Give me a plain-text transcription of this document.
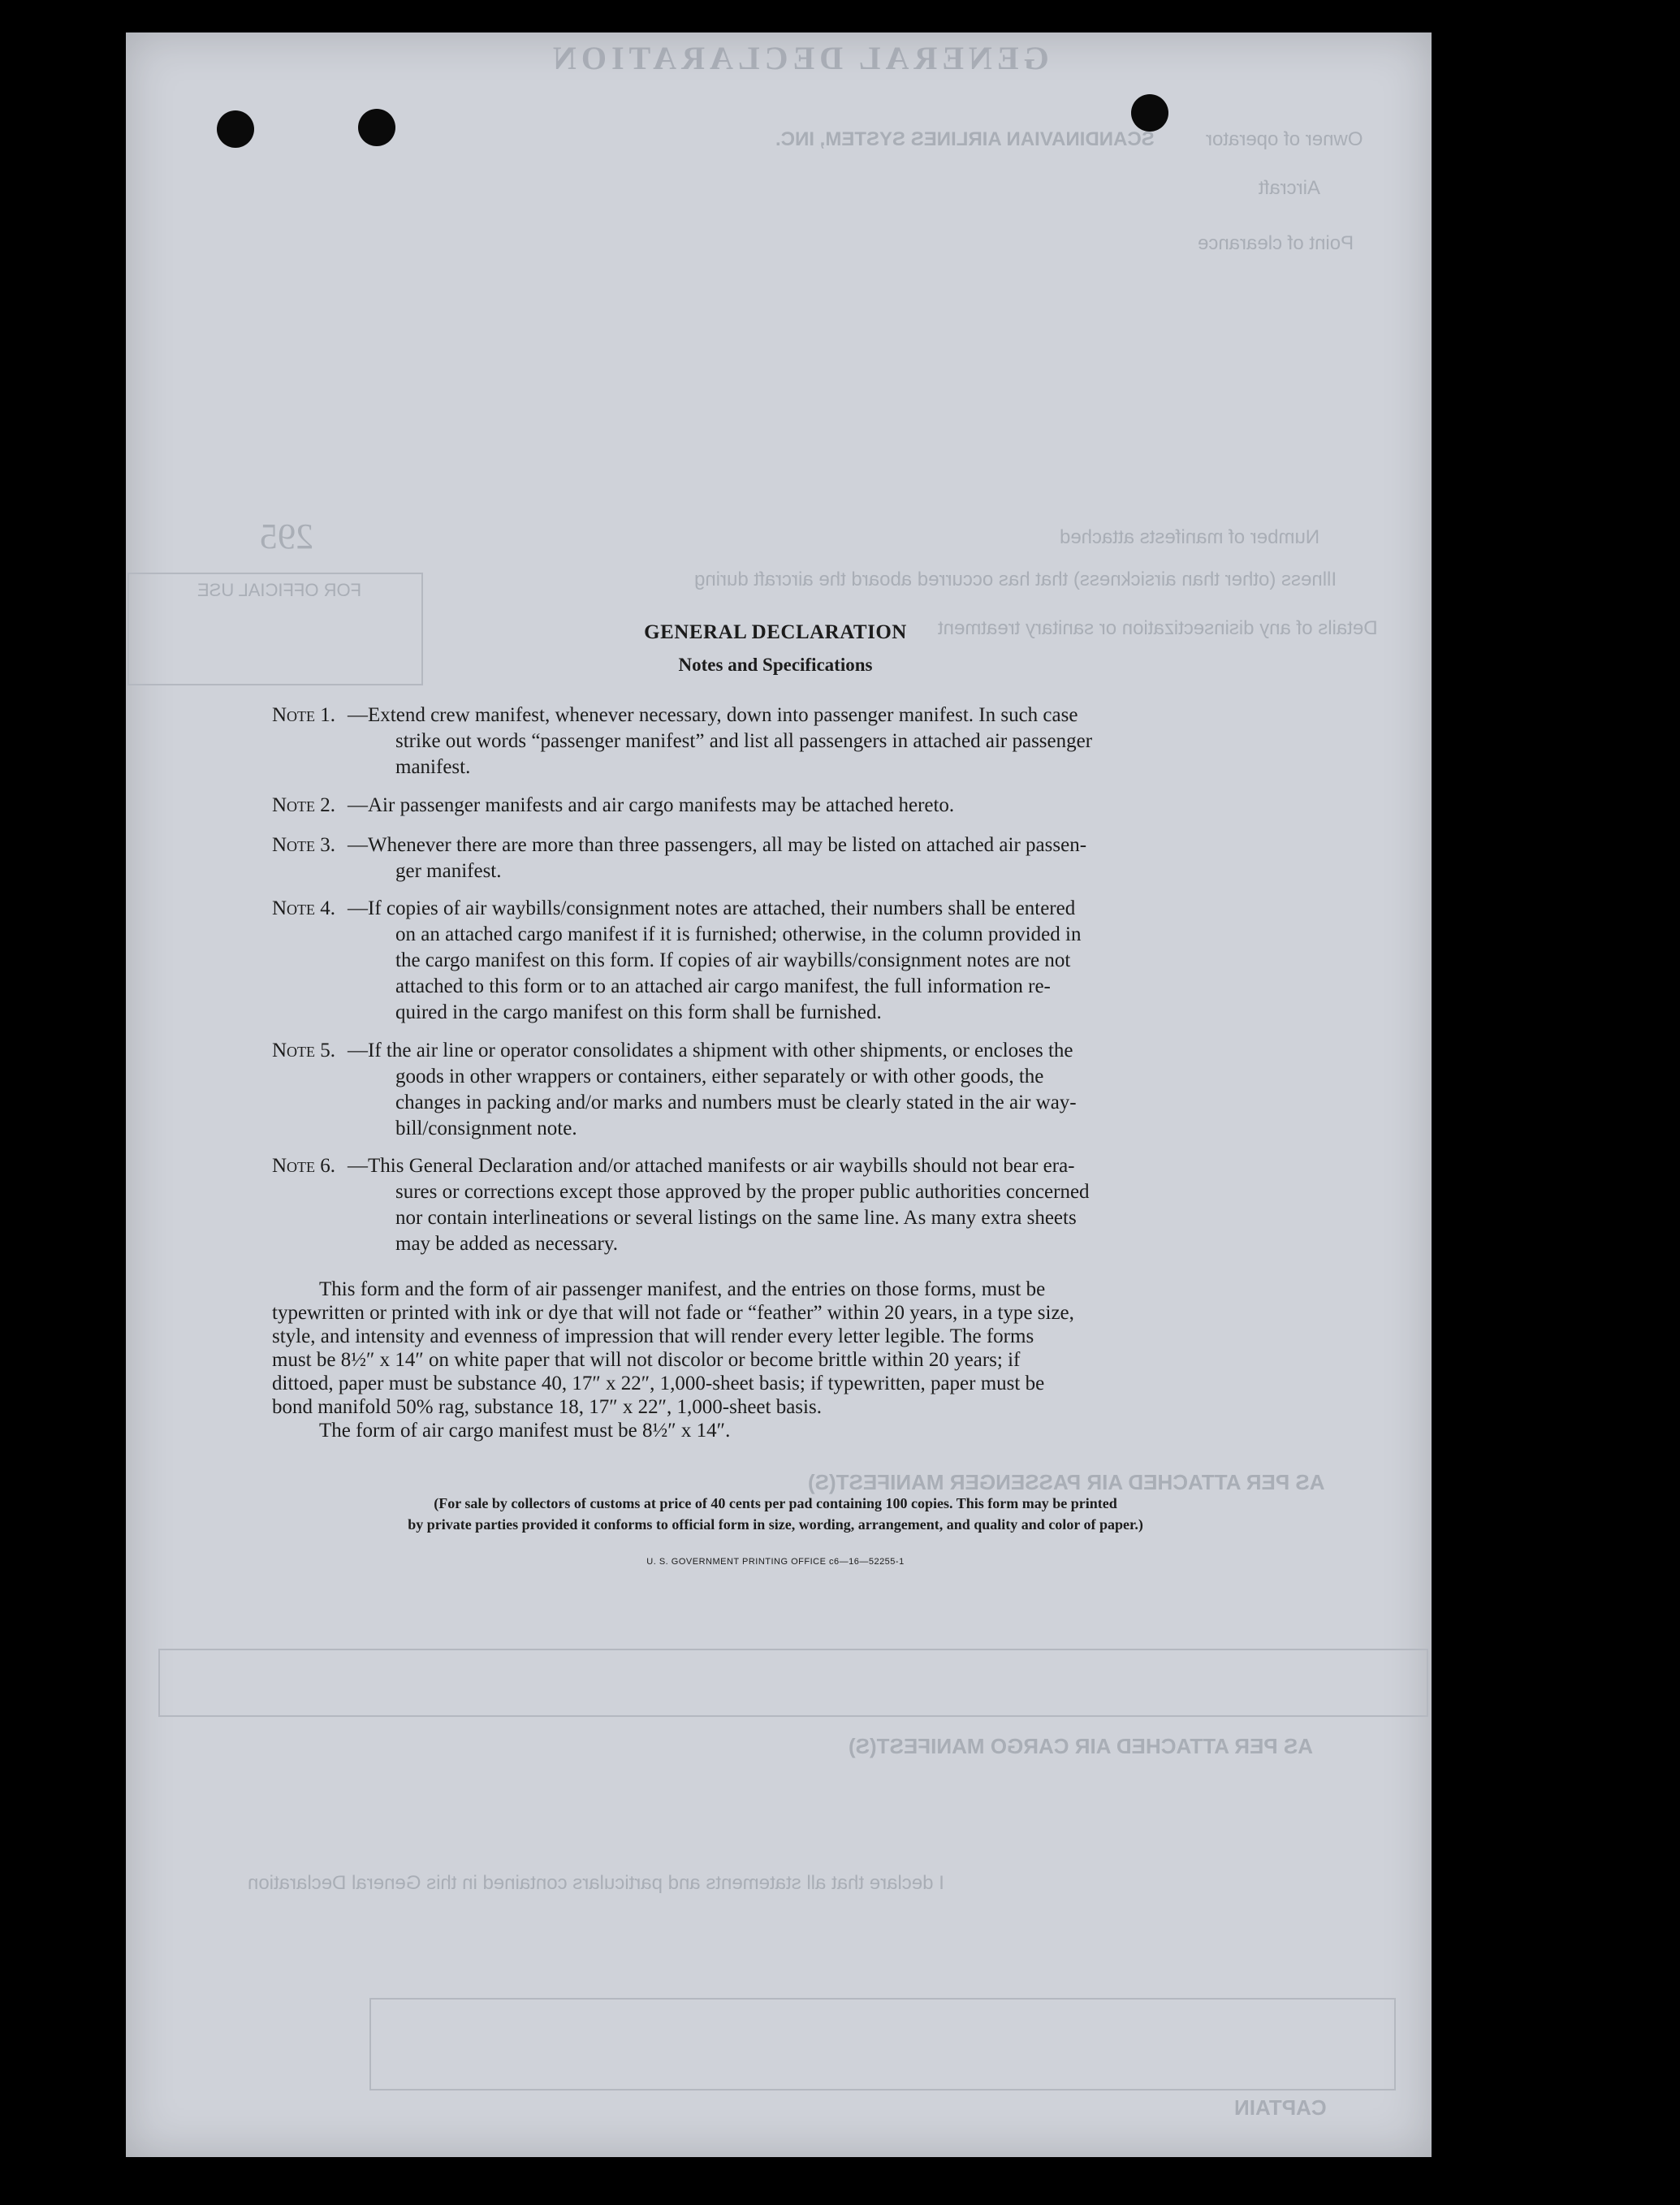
GENERAL DECLARATION
SCANDINAVIAN AIRLINES SYSTEM, INC.	Owner of operator
Aircraft
Point of clearance
295	Number of manifests attached
Illness (other than airsickness) that has occurred aboard the aircraft during
Details of any disinsectization or sanitary treatment
FOR OFFICIAL USE
AS PER ATTACHED AIR PASSENGER MANIFEST(S)
AS PER ATTACHED AIR CARGO MANIFEST(S)
I declare that all statements and particulars contained in this General Declaration
CAPTAIN
GENERAL DECLARATION
Notes and Specifications
Note 1. —Extend crew manifest, whenever necessary, down into passenger manifest. In such case
strike out words “passenger manifest” and list all passengers in attached air passenger
manifest.
Note 2. —Air passenger manifests and air cargo manifests may be attached hereto.
Note 3. —Whenever there are more than three passengers, all may be listed on attached air passen-
ger manifest.
Note 4. —If copies of air waybills/consignment notes are attached, their numbers shall be entered
on an attached cargo manifest if it is furnished; otherwise, in the column provided in
the cargo manifest on this form. If copies of air waybills/consignment notes are not
attached to this form or to an attached air cargo manifest, the full information re-
quired in the cargo manifest on this form shall be furnished.
Note 5. —If the air line or operator consolidates a shipment with other shipments, or encloses the
goods in other wrappers or containers, either separately or with other goods, the
changes in packing and/or marks and numbers must be clearly stated in the air way-
bill/consignment note.
Note 6. —This General Declaration and/or attached manifests or air waybills should not bear era-
sures or corrections except those approved by the proper public authorities concerned
nor contain interlineations or several listings on the same line. As many extra sheets
may be added as necessary.
This form and the form of air passenger manifest, and the entries on those forms, must be
typewritten or printed with ink or dye that will not fade or “feather” within 20 years, in a type size,
style, and intensity and evenness of impression that will render every letter legible. The forms
must be 8½″ x 14″ on white paper that will not discolor or become brittle within 20 years; if
dittoed, paper must be substance 40, 17″ x 22″, 1,000-sheet basis; if typewritten, paper must be
bond manifold 50% rag, substance 18, 17″ x 22″, 1,000-sheet basis.
The form of air cargo manifest must be 8½″ x 14″.
(For sale by collectors of customs at price of 40 cents per pad containing 100 copies. This form may be printed
by private parties provided it conforms to official form in size, wording, arrangement, and quality and color of paper.)
U. S. GOVERNMENT PRINTING OFFICE c6—16—52255-1
